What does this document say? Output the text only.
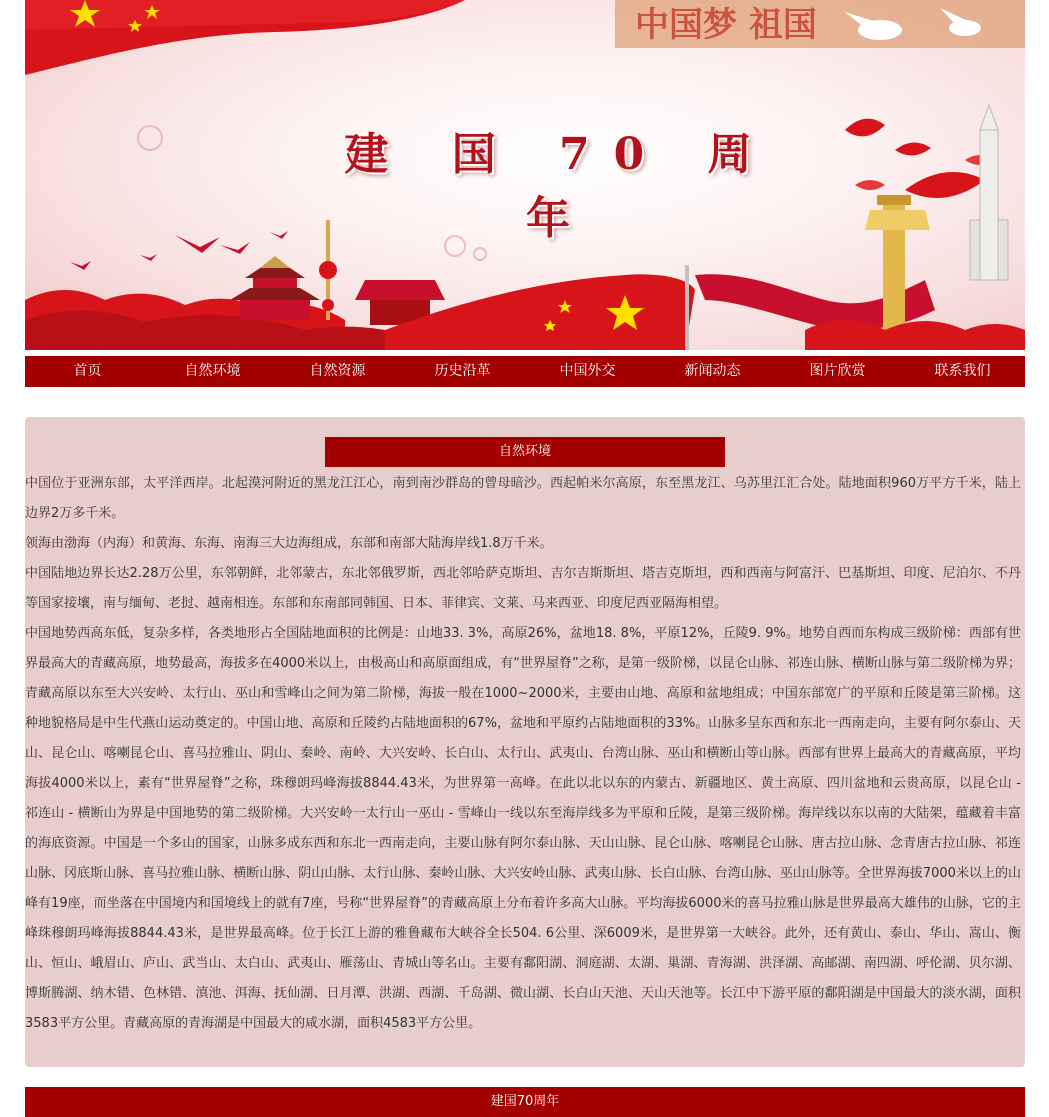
中国梦 祖国
建 国 70 周 年
首页	自然环境	自然资源	历史沿革	中国外交	新闻动态	图片欣赏	联系我们
自然环境

中国位于亚洲东部，太平洋西岸。北起漠河附近的黑龙江江心，南到南沙群岛的曾母暗沙。西起帕米尔高原，东至黑龙江、乌苏里江汇合处。陆地面积960万平方千米，陆上边界2万多千米。

领海由渤海（内海）和黄海、东海、南海三大边海组成，东部和南部大陆海岸线1.8万千米。

中国陆地边界长达2.28万公里，东邻朝鲜，北邻蒙古，东北邻俄罗斯，西北邻哈萨克斯坦、吉尔吉斯斯坦、塔吉克斯坦，西和西南与阿富汗、巴基斯坦、印度、尼泊尔、不丹等国家接壤，南与缅甸、老挝、越南相连。东部和东南部同韩国、日本、菲律宾、文莱、马来西亚、印度尼西亚隔海相望。

中国地势西高东低，复杂多样，各类地形占全国陆地面积的比例是：山地33. 3%，高原26%，盆地18. 8%，平原12%，丘陵9. 9%。地势自西而东构成三级阶梯：西部有世界最高大的青藏高原，地势最高，海拔多在4000米以上，由极高山和高原面组成，有“世界屋脊”之称，是第一级阶梯，以昆仑山脉、祁连山脉、横断山脉与第二级阶梯为界；青藏高原以东至大兴安岭、太行山、巫山和雪峰山之间为第二阶梯，海拔一般在1000~2000米，主要由山地、高原和盆地组成；中国东部宽广的平原和丘陵是第三阶梯。这种地貌格局是中生代燕山运动奠定的。中国山地、高原和丘陵约占陆地面积的67%，盆地和平原约占陆地面积的33%。山脉多呈东西和东北一西南走向，主要有阿尔泰山、天山、昆仑山、喀喇昆仑山、喜马拉雅山、阴山、秦岭、南岭、大兴安岭、长白山、太行山、武夷山、台湾山脉、巫山和横断山等山脉。西部有世界上最高大的青藏高原，平均海拔4000米以上，素有“世界屋脊”之称，珠穆朗玛峰海拔8844.43米，为世界第一高峰。在此以北以东的内蒙古、新疆地区、黄土高原、四川盆地和云贵高原，以昆仑山 - 祁连山 - 横断山为界是中国地势的第二级阶梯。大兴安岭一太行山一巫山 - 雪峰山一线以东至海岸线多为平原和丘陵，是第三级阶梯。海岸线以东以南的大陆架，蕴藏着丰富的海底资源。中国是一个多山的国家，山脉多成东西和东北一西南走向，主要山脉有阿尔泰山脉、天山山脉、昆仑山脉、喀喇昆仑山脉、唐古拉山脉、念青唐古拉山脉、祁连山脉、冈底斯山脉、喜马拉雅山脉、横断山脉、阴山山脉、太行山脉、秦岭山脉、大兴安岭山脉、武夷山脉、长白山脉、台湾山脉、巫山山脉等。全世界海拔7000米以上的山峰有19座，而坐落在中国境内和国境线上的就有7座，号称“世界屋脊”的青藏高原上分布着许多高大山脉。平均海拔6000米的喜马拉雅山脉是世界最高大雄伟的山脉，它的主峰珠穆朗玛峰海拔8844.43米，是世界最高峰。位于长江上游的雅鲁藏布大峡谷全长504. 6公里、深6009米，是世界第一大峡谷。此外，还有黄山、泰山、华山、嵩山、衡山、恒山、峨眉山、庐山、武当山、太白山、武夷山、雁荡山、青城山等名山。主要有鄱阳湖、洞庭湖、太湖、巢湖、青海湖、洪泽湖、高邮湖、南四湖、呼伦湖、贝尔湖、博斯腾湖、纳木错、色林错、滇池、洱海、抚仙湖、日月潭、洪湖、西湖、千岛湖、微山湖、长白山天池、天山天池等。长江中下游平原的鄱阳湖是中国最大的淡水湖，面积3583平方公里。青藏高原的青海湖是中国最大的咸水湖，面积4583平方公里。

建国70周年
